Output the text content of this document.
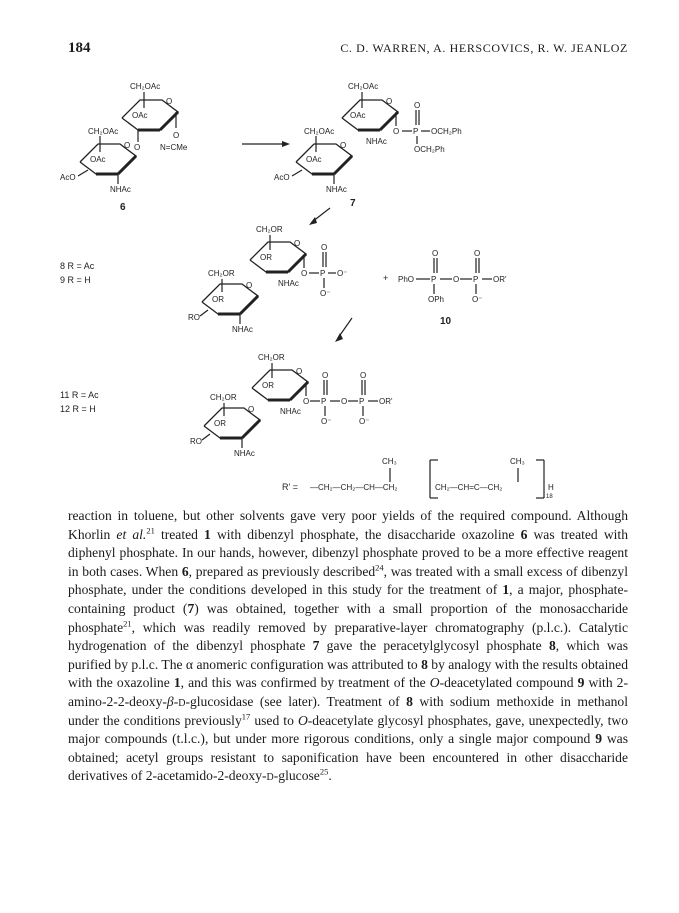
184	C. D. WARREN, A. HERSCOVICS, R. W. JEANLOZ
CH₂OAc
O
OAc
O
O N=CMe
CH₂OAc
O
OAc
AcO
NHAc
6
CH₂OAc
O
OAc
O P
O
OCH₂Ph
OCH₂Ph
NHAc
CH₂OAc
O
OAc
AcO
NHAc
7
8 R = Ac
9 R = H
CH₂OR
O
OR
O P
O
O⁻
O⁻
NHAc
CH₂OR
O
OR
RO
NHAc
+ PhO P
O
O P
O
OR'
OPh	O⁻
10
11 R = Ac
12 R = H
CH₂OR
O
OR
O P
O
O P
O
OR'
O⁻	O⁻
NHAc
CH₂OR
O
OR
RO
NHAc
R' = —CH₂—CH₂—CH—CH₂
CH₃
CH₂—CH=C—CH₂
CH₃
H
18

reaction in toluene, but other solvents gave very poor yields of the required compound. Although Khorlin et al.$^{21}$ treated 1 with dibenzyl phosphate, the disaccharide oxazoline 6 was treated with diphenyl phosphate. In our hands, however, dibenzyl phosphate proved to be a more effective reagent in both cases. When 6, prepared as previously described$^{24}$, was treated with a small excess of dibenzyl phosphate, under the conditions developed in this study for the treatment of 1, a major, phosphate-containing product (7) was obtained, together with a small proportion of the monosaccharide phosphate$^{21}$, which was readily removed by preparative-layer chromatography (p.l.c.). Catalytic hydrogenation of the dibenzyl phosphate 7 gave the peracetylglycosyl phosphate 8, which was purified by p.l.c. The α anomeric configuration was attributed to 8 by analogy with the results obtained with the oxazoline 1, and this was confirmed by treatment of the O-deacetylated compound 9 with 2-amino-2-2-deoxy-β-d-glucosidase (see later). Treatment of 8 with sodium methoxide in methanol under the conditions previously$^{17}$ used to O-deacetylate glycosyl phosphates, gave, unexpectedly, two major compounds (t.l.c.), but under more rigorous conditions, only a single major compound 9 was obtained; acetyl groups resistant to saponification have been encountered in other disaccharide derivatives of 2-acetamido-2-deoxy-d-glucose$^{25}$.
